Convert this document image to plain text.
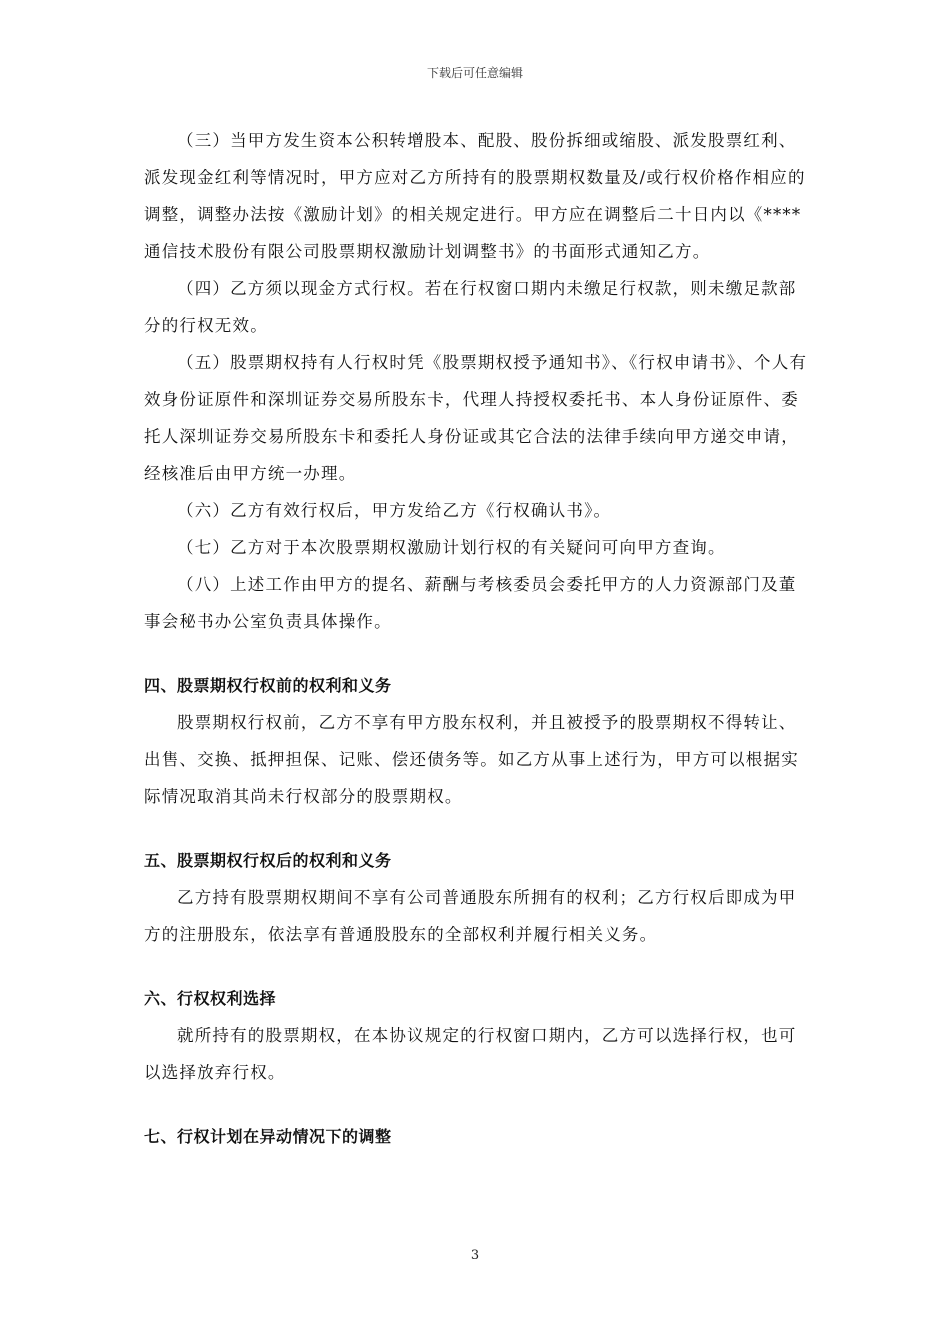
下载后可任意编辑

（三）当甲方发生资本公积转增股本、配股、股份拆细或缩股、派发股票红利、派发现金红利等情况时，甲方应对乙方所持有的股票期权数量及/或行权价格作相应的调整，调整办法按《激励计划》的相关规定进行。甲方应在调整后二十日内以《****通信技术股份有限公司股票期权激励计划调整书》的书面形式通知乙方。

（四）乙方须以现金方式行权。若在行权窗口期内未缴足行权款，则未缴足款部分的行权无效。

（五）股票期权持有人行权时凭《股票期权授予通知书》、《行权申请书》、个人有效身份证原件和深圳证券交易所股东卡，代理人持授权委托书、本人身份证原件、委托人深圳证券交易所股东卡和委托人身份证或其它合法的法律手续向甲方递交申请，经核准后由甲方统一办理。

（六）乙方有效行权后，甲方发给乙方《行权确认书》。

（七）乙方对于本次股票期权激励计划行权的有关疑问可向甲方查询。

（八）上述工作由甲方的提名、薪酬与考核委员会委托甲方的人力资源部门及董事会秘书办公室负责具体操作。

四、股票期权行权前的权利和义务

股票期权行权前，乙方不享有甲方股东权利，并且被授予的股票期权不得转让、出售、交换、抵押担保、记账、偿还债务等。如乙方从事上述行为，甲方可以根据实际情况取消其尚未行权部分的股票期权。

五、股票期权行权后的权利和义务

乙方持有股票期权期间不享有公司普通股东所拥有的权利；乙方行权后即成为甲方的注册股东，依法享有普通股股东的全部权利并履行相关义务。

六、行权权利选择

就所持有的股票期权，在本协议规定的行权窗口期内，乙方可以选择行权，也可以选择放弃行权。

七、行权计划在异动情况下的调整

3
